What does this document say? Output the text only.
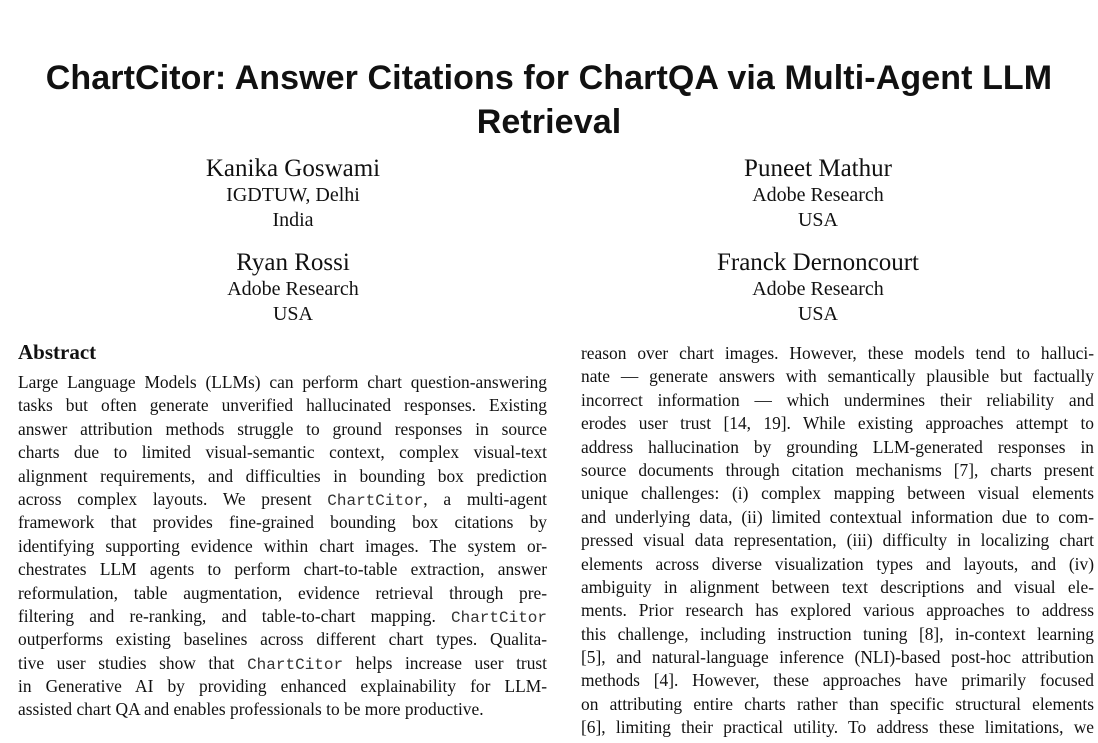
ChartCitor: Answer Citations for ChartQA via Multi-Agent LLM
Retrieval
Kanika Goswami
IGDTUW, Delhi
India
Puneet Mathur
Adobe Research
USA
Ryan Rossi
Adobe Research
USA
Franck Dernoncourt
Adobe Research
USA
Abstract
Large Language Models (LLMs) can perform chart question-answering
tasks but often generate unverified hallucinated responses. Existing
answer attribution methods struggle to ground responses in source
charts due to limited visual-semantic context, complex visual-text
alignment requirements, and difficulties in bounding box prediction
across complex layouts. We present ChartCitor, a multi-agent
framework that provides fine-grained bounding box citations by
identifying supporting evidence within chart images. The system or-
chestrates LLM agents to perform chart-to-table extraction, answer
reformulation, table augmentation, evidence retrieval through pre-
filtering and re-ranking, and table-to-chart mapping. ChartCitor
outperforms existing baselines across different chart types. Qualita-
tive user studies show that ChartCitor helps increase user trust
in Generative AI by providing enhanced explainability for LLM-
assisted chart QA and enables professionals to be more productive.
reason over chart images. However, these models tend to halluci-
nate — generate answers with semantically plausible but factually
incorrect information — which undermines their reliability and
erodes user trust [14, 19]. While existing approaches attempt to
address hallucination by grounding LLM-generated responses in
source documents through citation mechanisms [7], charts present
unique challenges: (i) complex mapping between visual elements
and underlying data, (ii) limited contextual information due to com-
pressed visual data representation, (iii) difficulty in localizing chart
elements across diverse visualization types and layouts, and (iv)
ambiguity in alignment between text descriptions and visual ele-
ments. Prior research has explored various approaches to address
this challenge, including instruction tuning [8], in-context learning
[5], and natural-language inference (NLI)-based post-hoc attribution
methods [4]. However, these approaches have primarily focused
on attributing entire charts rather than specific structural elements
[6], limiting their practical utility. To address these limitations, we
